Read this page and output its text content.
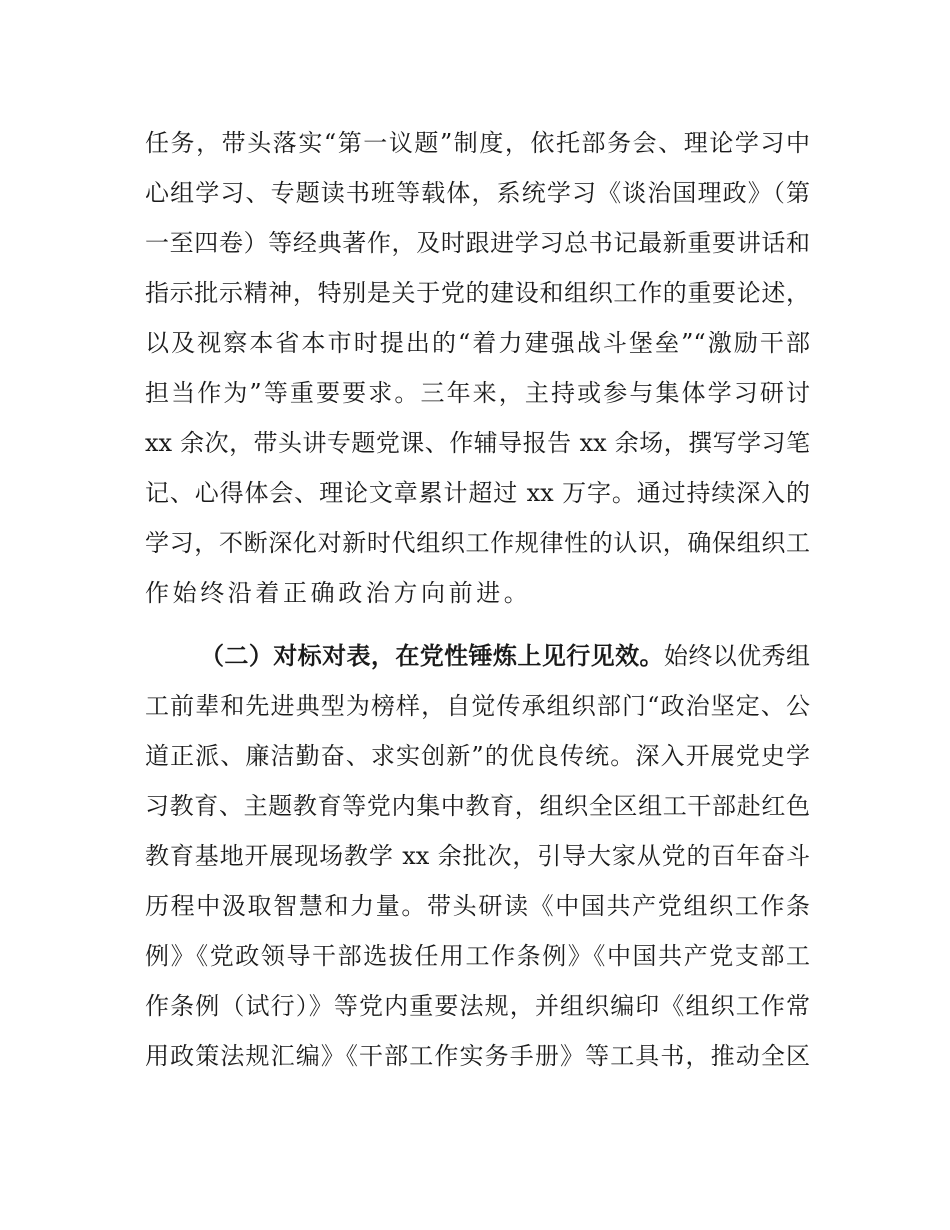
任务，带头落实“第一议题”制度，依托部务会、理论学习中
心组学习、专题读书班等载体，系统学习《谈治国理政》（第
一至四卷）等经典著作，及时跟进学习总书记最新重要讲话和
指示批示精神，特别是关于党的建设和组织工作的重要论述，
以及视察本省本市时提出的“着力建强战斗堡垒”“激励干部
担当作为”等重要要求。三年来，主持或参与集体学习研讨
xx 余次，带头讲专题党课、作辅导报告 xx 余场，撰写学习笔
记、心得体会、理论文章累计超过 xx 万字。通过持续深入的
学习，不断深化对新时代组织工作规律性的认识，确保组织工
作始终沿着正确政治方向前进。
（二）对标对表，在党性锤炼上见行见效。始终以优秀组
工前辈和先进典型为榜样，自觉传承组织部门“政治坚定、公
道正派、廉洁勤奋、求实创新”的优良传统。深入开展党史学
习教育、主题教育等党内集中教育，组织全区组工干部赴红色
教育基地开展现场教学 xx 余批次，引导大家从党的百年奋斗
历程中汲取智慧和力量。带头研读《中国共产党组织工作条
例》《党政领导干部选拔任用工作条例》《中国共产党支部工
作条例（试行）》等党内重要法规，并组织编印《组织工作常
用政策法规汇编》《干部工作实务手册》等工具书，推动全区
